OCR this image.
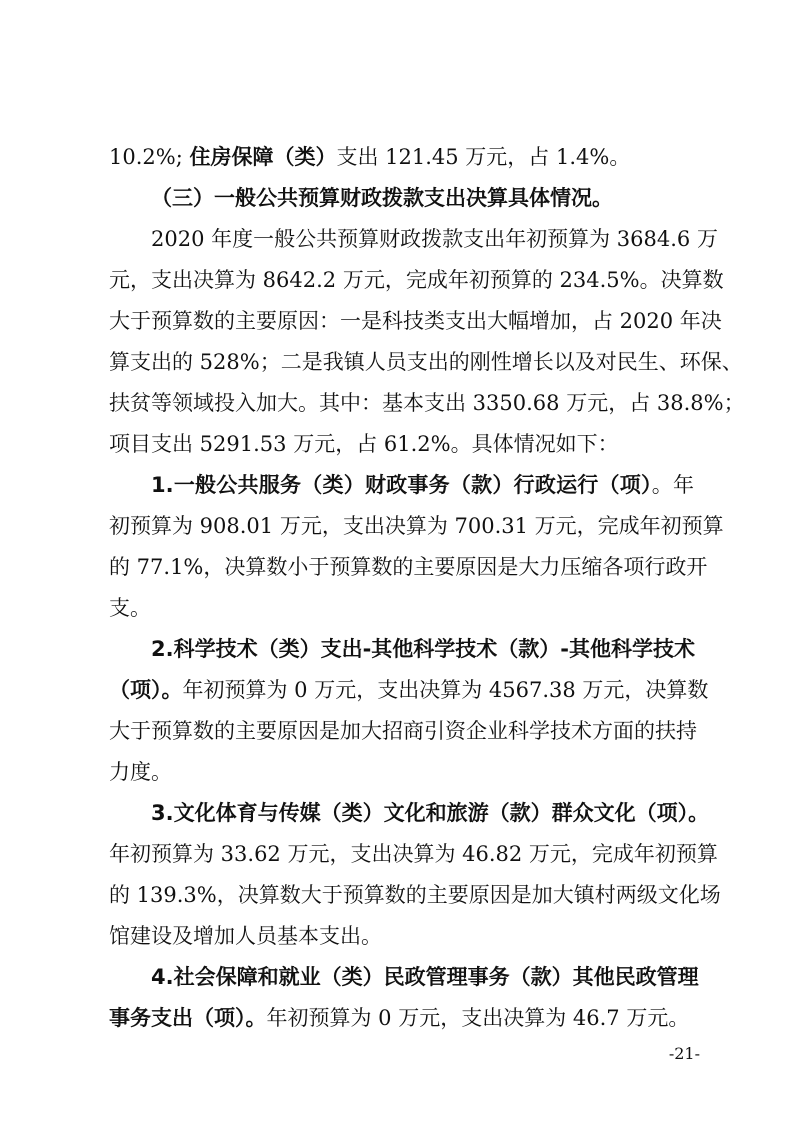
10.2%; 住房保障（类）支出 121.45 万元，占 1.4%。
（三）一般公共预算财政拨款支出决算具体情况。
2020 年度一般公共预算财政拨款支出年初预算为 3684.6 万
元，支出决算为 8642.2 万元，完成年初预算的 234.5%。决算数
大于预算数的主要原因：一是科技类支出大幅增加，占 2020 年决
算支出的 528%；二是我镇人员支出的刚性增长以及对民生、环保、
扶贫等领域投入加大。其中：基本支出 3350.68 万元，占 38.8%；
项目支出 5291.53 万元，占 61.2%。具体情况如下：
1.一般公共服务（类）财政事务（款）行政运行（项）。年
初预算为 908.01 万元，支出决算为 700.31 万元，完成年初预算
的 77.1%，决算数小于预算数的主要原因是大力压缩各项行政开
支。
2.科学技术（类）支出-其他科学技术（款）-其他科学技术
（项）。年初预算为 0 万元，支出决算为 4567.38 万元，决算数
大于预算数的主要原因是加大招商引资企业科学技术方面的扶持
力度。
3.文化体育与传媒（类）文化和旅游（款）群众文化（项）。
年初预算为 33.62 万元，支出决算为 46.82 万元，完成年初预算
的 139.3%，决算数大于预算数的主要原因是加大镇村两级文化场
馆建设及增加人员基本支出。
4.社会保障和就业（类）民政管理事务（款）其他民政管理
事务支出（项）。年初预算为 0 万元，支出决算为 46.7 万元。
-21-
